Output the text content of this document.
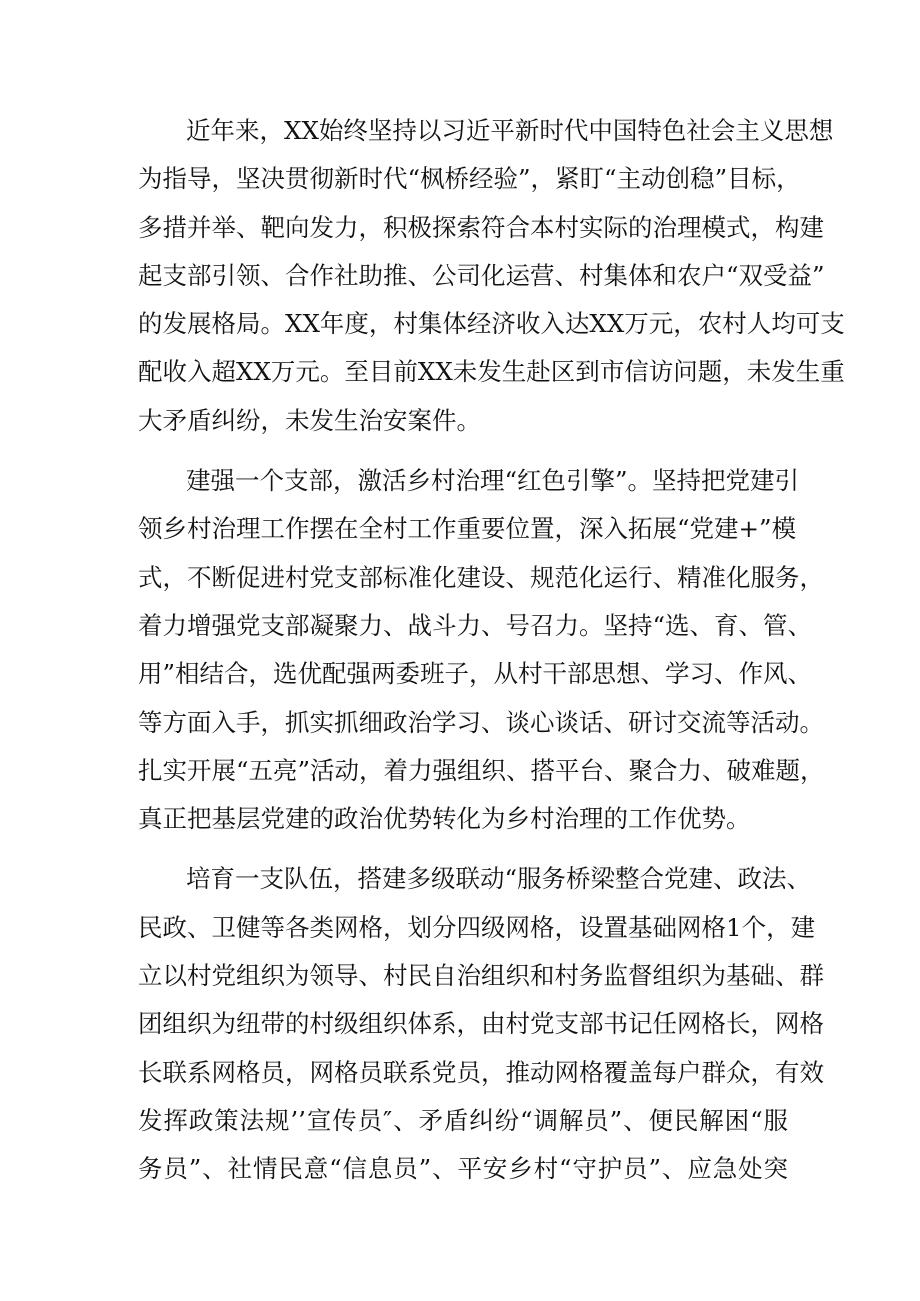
近年来，XX始终坚持以习近平新时代中国特色社会主义思想
为指导，坚决贯彻新时代“枫桥经验”，紧盯“主动创稳”目标，
多措并举、靶向发力，积极探索符合本村实际的治理模式，构建
起支部引领、合作社助推、公司化运营、村集体和农户“双受益”
的发展格局。XX年度，村集体经济收入达XX万元，农村人均可支
配收入超XX万元。至目前XX未发生赴区到市信访问题，未发生重
大矛盾纠纷，未发生治安案件。

建强一个支部，激活乡村治理“红色引擎”。坚持把党建引
领乡村治理工作摆在全村工作重要位置，深入拓展“党建+”模
式，不断促进村党支部标准化建设、规范化运行、精准化服务，
着力增强党支部凝聚力、战斗力、号召力。坚持“选、育、管、
用”相结合，选优配强两委班子，从村干部思想、学习、作风、
等方面入手，抓实抓细政治学习、谈心谈话、研讨交流等活动。
扎实开展“五亮”活动，着力强组织、搭平台、聚合力、破难题，
真正把基层党建的政治优势转化为乡村治理的工作优势。

培育一支队伍，搭建多级联动“服务桥梁整合党建、政法、
民政、卫健等各类网格，划分四级网格，设置基础网格1个，建
立以村党组织为领导、村民自治组织和村务监督组织为基础、群
团组织为纽带的村级组织体系，由村党支部书记任网格长，网格
长联系网格员，网格员联系党员，推动网格覆盖每户群众，有效
发挥政策法规’’宣传员″、矛盾纠纷“调解员”、便民解困“服
务员”、社情民意“信息员”、平安乡村“守护员”、应急处突
